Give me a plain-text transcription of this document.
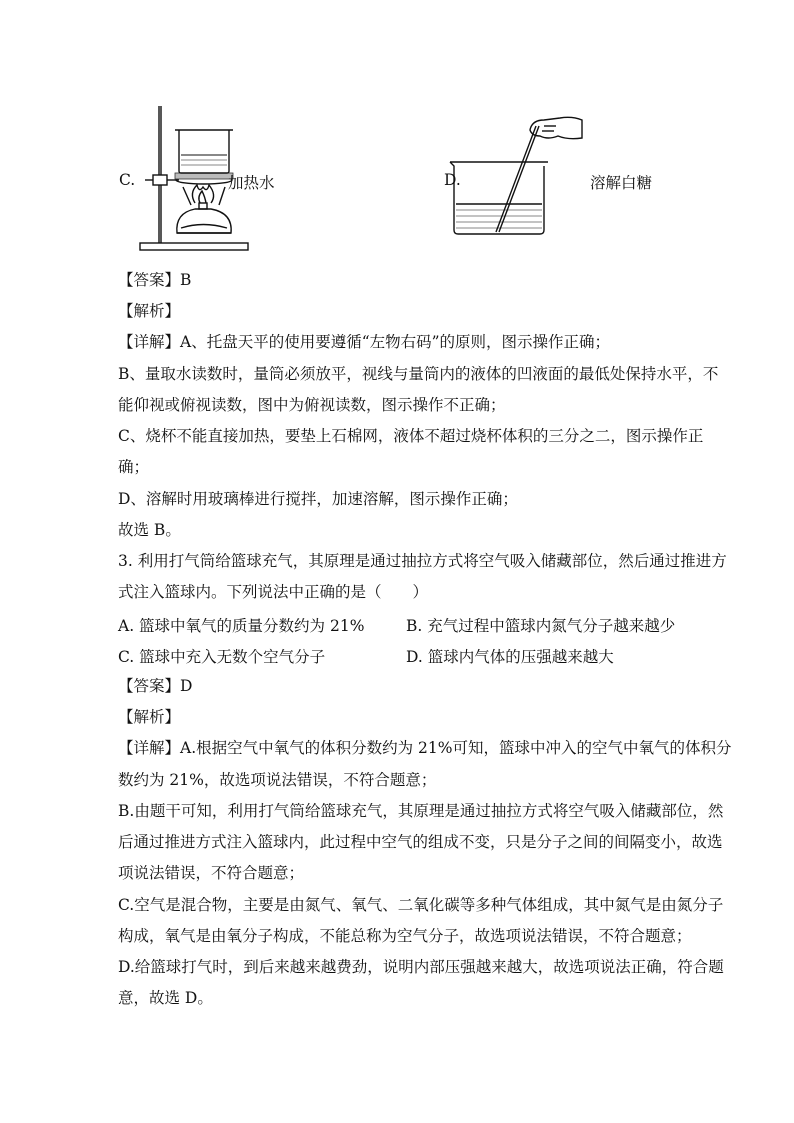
C.	加热水	D.	溶解白糖
【答案】B
【解析】
【详解】A、托盘天平的使用要遵循“左物右码”的原则，图示操作正确；
B、量取水读数时，量筒必须放平，视线与量筒内的液体的凹液面的最低处保持水平，不
能仰视或俯视读数，图中为俯视读数，图示操作不正确；
C、烧杯不能直接加热，要垫上石棉网，液体不超过烧杯体积的三分之二，图示操作正
确；
D、溶解时用玻璃棒进行搅拌，加速溶解，图示操作正确；
故选 B。
3. 利用打气筒给篮球充气，其原理是通过抽拉方式将空气吸入储藏部位，然后通过推进方
式注入篮球内。下列说法中正确的是（　　）
A. 篮球中氧气的质量分数约为 21%	B. 充气过程中篮球内氮气分子越来越少
C. 篮球中充入无数个空气分子	D. 篮球内气体的压强越来越大
【答案】D
【解析】
【详解】A.根据空气中氧气的体积分数约为 21%可知，篮球中冲入的空气中氧气的体积分
数约为 21%，故选项说法错误，不符合题意；
B.由题干可知，利用打气筒给篮球充气，其原理是通过抽拉方式将空气吸入储藏部位，然
后通过推进方式注入篮球内，此过程中空气的组成不变，只是分子之间的间隔变小，故选
项说法错误，不符合题意；
C.空气是混合物，主要是由氮气、氧气、二氧化碳等多种气体组成，其中氮气是由氮分子
构成，氧气是由氧分子构成，不能总称为空气分子，故选项说法错误，不符合题意；
D.给篮球打气时，到后来越来越费劲，说明内部压强越来越大，故选项说法正确，符合题
意，故选 D。
